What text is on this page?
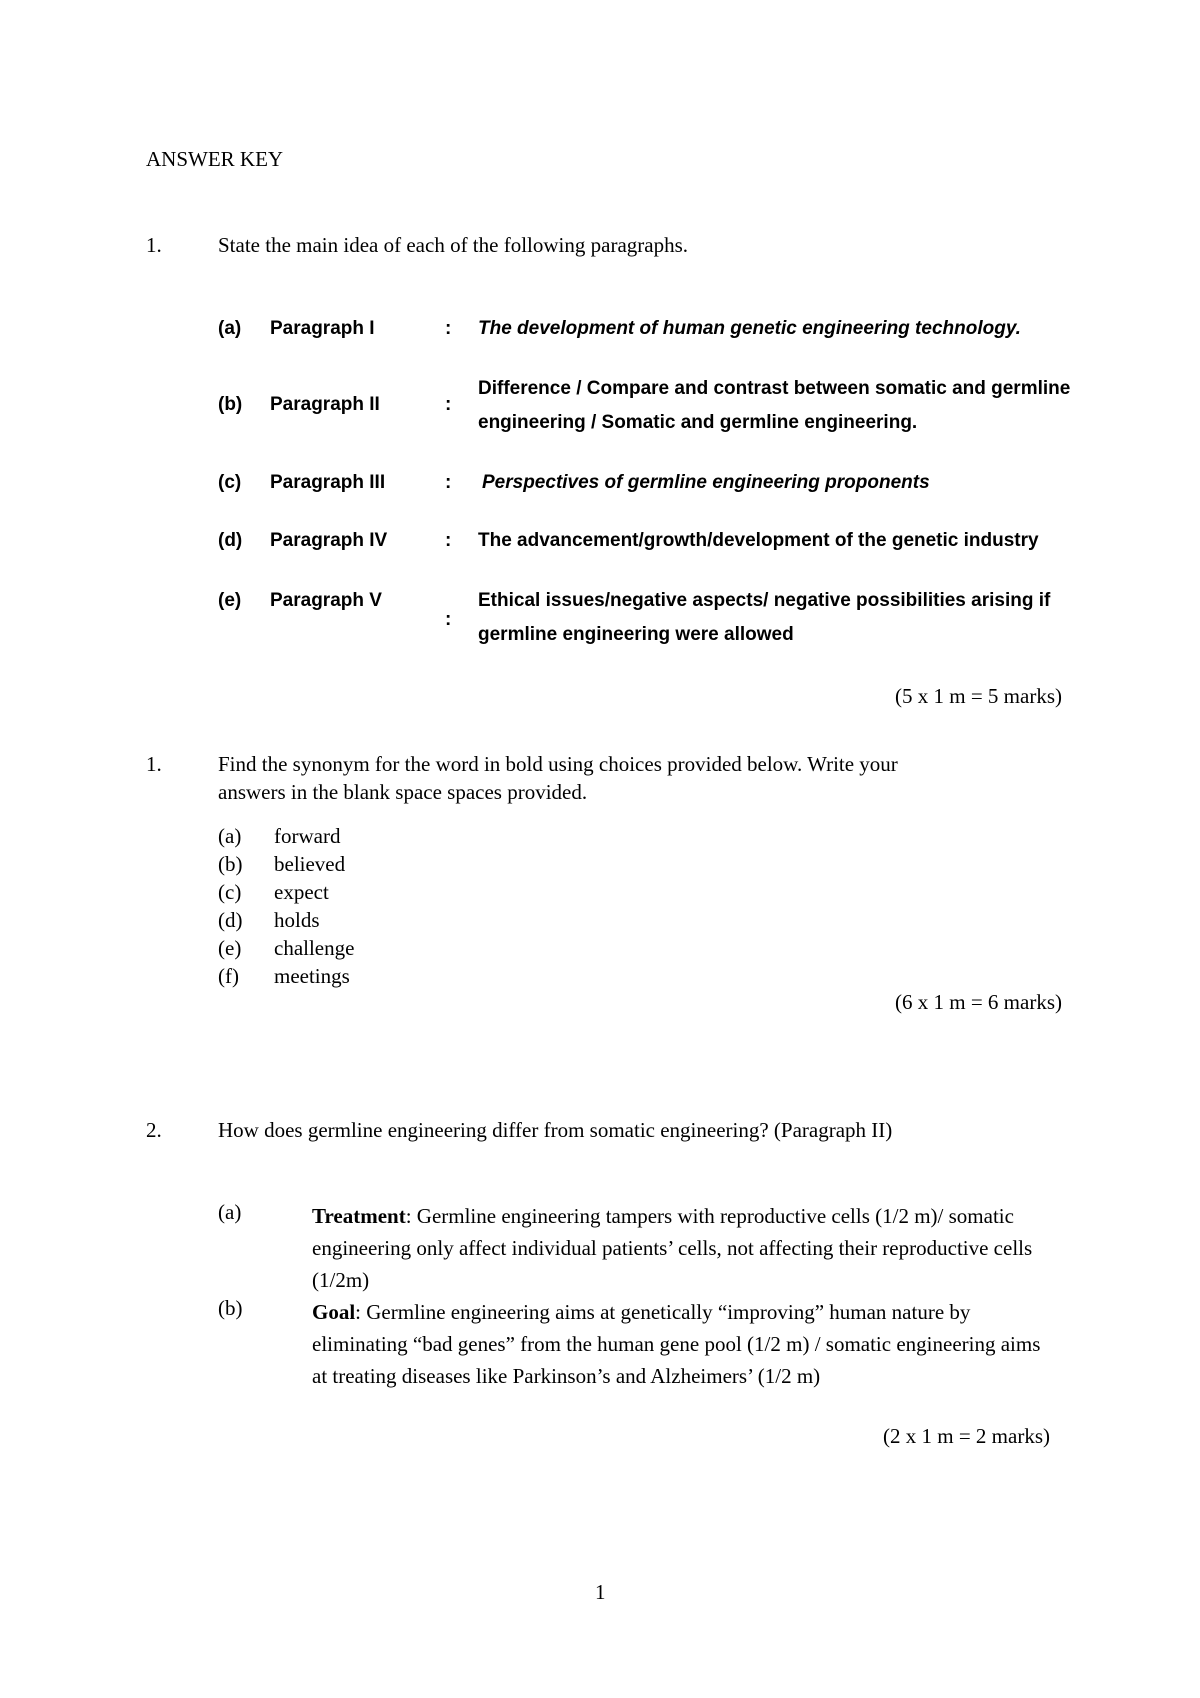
ANSWER KEY
1.	State the main idea of each of the following paragraphs.
(a) Paragraph I	: The development of human genetic engineering technology.
(b) Paragraph II	:
Difference / Compare and contrast between somatic and germline
engineering / Somatic and germline engineering.
(c) Paragraph III	: Perspectives of germline engineering proponents
(d) Paragraph IV	: The advancement/growth/development of the genetic industry
(e) Paragraph V
:
Ethical issues/negative aspects/ negative possibilities arising if
germline engineering were allowed
(5 x 1 m = 5 marks)
1.	Find the synonym for the word in bold using choices provided below. Write your
answers in the blank space spaces provided.
(a) forward
(b) believed
(c) expect
(d) holds
(e) challenge
(f) meetings
(6 x 1 m = 6 marks)
2.	How does germline engineering differ from somatic engineering? (Paragraph II)
(a)	Treatment: Germline engineering tampers with reproductive cells (1/2 m)/ somatic engineering only affect individual patients’ cells, not affecting their reproductive cells (1/2m)
(b)	Goal: Germline engineering aims at genetically “improving” human nature by eliminating “bad genes” from the human gene pool (1/2 m) / somatic engineering aims at treating diseases like Parkinson’s and Alzheimers’ (1/2 m)
(2 x 1 m = 2 marks)
1
